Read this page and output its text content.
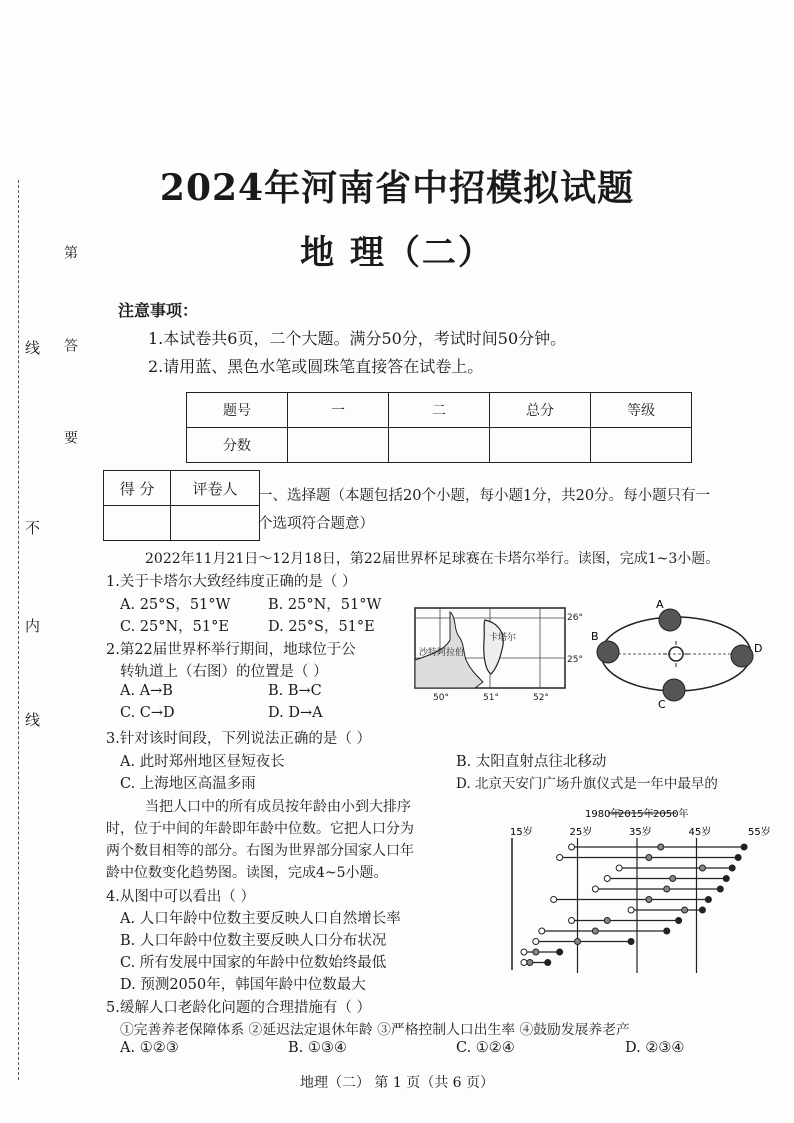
线
不
内
线
第
答
要
2024年河南省中招模拟试题
地 理（二）
注意事项：
1.本试卷共6页，二个大题。满分50分，考试时间50分钟。
2.请用蓝、黑色水笔或圆珠笔直接答在试卷上。
题号	一	二	总分	等级
分数				
得 分	评卷人
	一、选择题（本题包括20个小题，每小题1分，共20分。每小题只有一
个选项符合题意）
2022年11月21日～12月18日，第22届世界杯足球赛在卡塔尔举行。读图，完成1~3小题。
1.关于卡塔尔大致经纬度正确的是（ ）
A. 25°S，51°W	B. 25°N，51°W
C. 25°N，51°E	D. 25°S，51°E
2.第22届世界杯举行期间，地球位于公
转轨道上（右图）的位置是（ ）
A. A→B	B. B→C
C. C→D	D. D→A
26°
25°
50°	51°	52°
沙特阿拉伯
卡塔尔
A
B
C
D
3.针对该时间段，下列说法正确的是（ ）
A. 此时郑州地区昼短夜长	B. 太阳直射点往北移动
C. 上海地区高温多雨	D. 北京天安门广场升旗仪式是一年中最早的
当把人口中的所有成员按年龄由小到大排序
时，位于中间的年龄即年龄中位数。它把人口分为
两个数目相等的部分。右图为世界部分国家人口年
龄中位数变化趋势图。读图，完成4~5小题。
4.从图中可以看出（ ）
A. 人口年龄中位数主要反映人口自然增长率
B. 人口年龄中位数主要反映人口分布状况
C. 所有发展中国家的年龄中位数始终最低
D. 预测2050年，韩国年龄中位数最大
1980年
2015年 2050年
15岁	25岁	35岁	45岁	55岁
5.缓解人口老龄化问题的合理措施有（ ）
①完善养老保障体系 ②延迟法定退休年龄 ③严格控制人口出生率 ④鼓励发展养老产
A. ①②③	B. ①③④	C. ①②④	D. ②③④
地理（二） 第 1 页（共 6 页）
